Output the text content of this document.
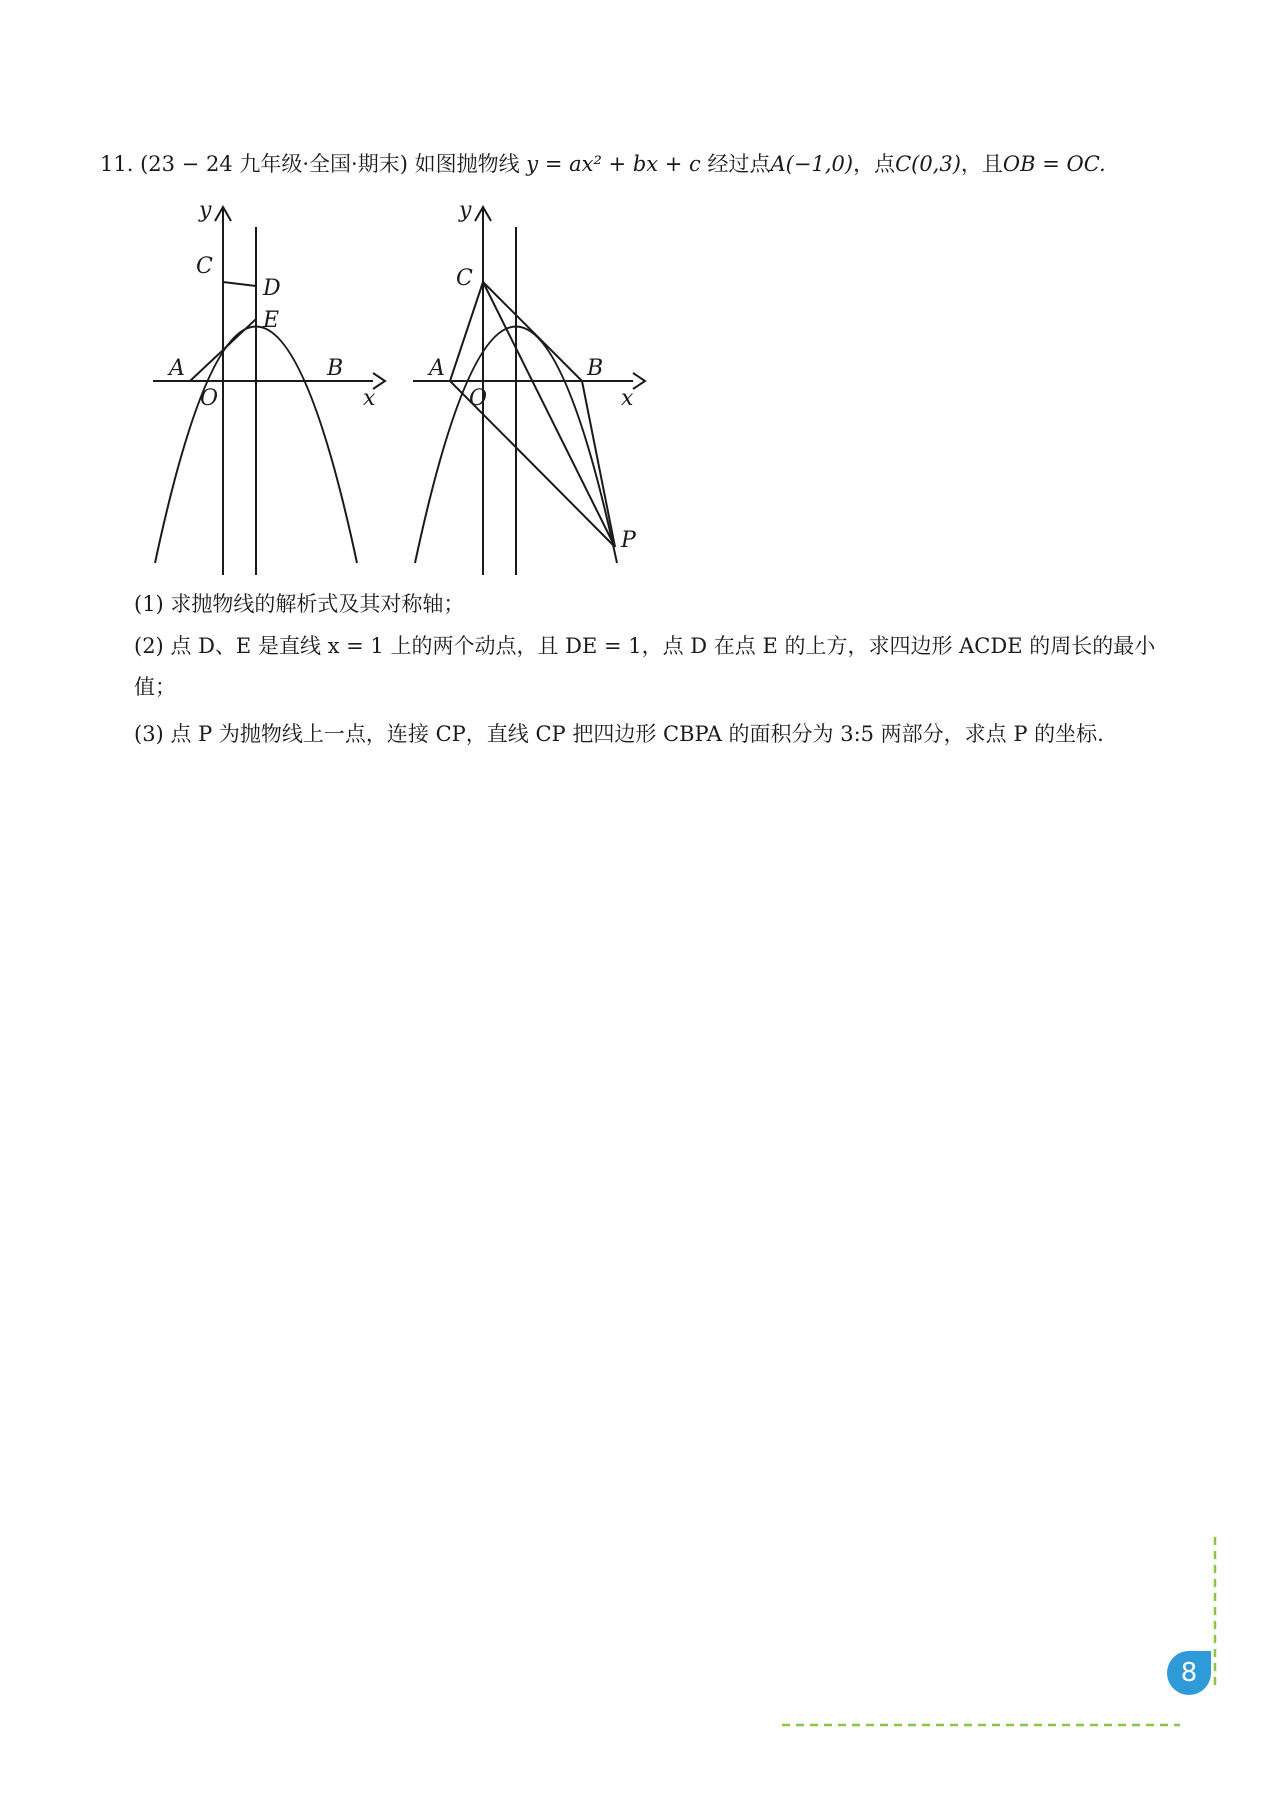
11. (23 − 24 九年级·全国·期末) 如图抛物线 y = ax² + bx + c 经过点A(−1,0)，点C(0,3)，且OB = OC.
y
C
D
E
A
O
B
x
y
C
A
O
B
x
P
(1) 求抛物线的解析式及其对称轴；
(2) 点 D、E 是直线 x = 1 上的两个动点，且 DE = 1，点 D 在点 E 的上方，求四边形 ACDE 的周长的最小值；
(3) 点 P 为抛物线上一点，连接 CP，直线 CP 把四边形 CBPA 的面积分为 3:5 两部分，求点 P 的坐标.
8
